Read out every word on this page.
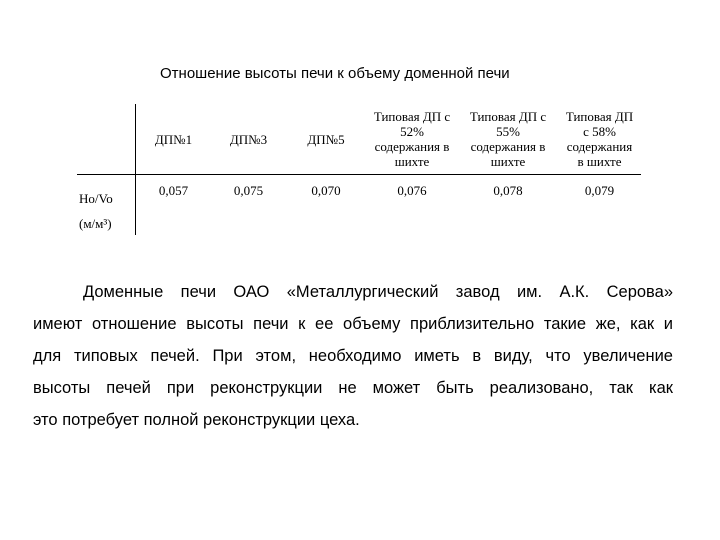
Отношение высоты печи к объему доменной печи
	ДП№1	ДП№3	ДП№5	Типовая ДП с
52%
содержания в
шихте	Типовая ДП с
55%
содержания в
шихте	Типовая ДП
с 58%
содержания
в шихте

Но/Vo
(м/м³)	0,057	0,075	0,070	0,076	0,078	0,079
Доменные печи ОАО «Металлургический завод им. А.К. Серова»
имеют отношение высоты печи к ее объему приблизительно такие же, как и
для типовых печей. При этом, необходимо иметь в виду, что увеличение
высоты печей при реконструкции не может быть реализовано, так как
это потребует полной реконструкции цеха.
